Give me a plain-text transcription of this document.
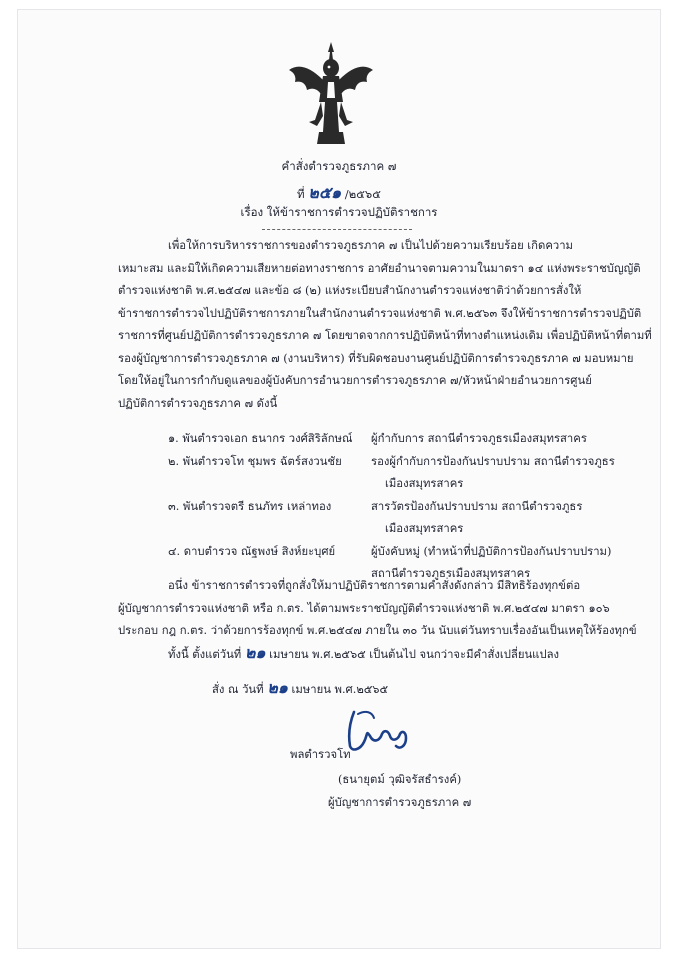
คำสั่งตำรวจภูธรภาค ๗
ที่ ๒๕๑ /๒๕๖๕
เรื่อง ให้ข้าราชการตำรวจปฏิบัติราชการ
เพื่อให้การบริหารราชการของตำรวจภูธรภาค ๗ เป็นไปด้วยความเรียบร้อย เกิดความ
เหมาะสม และมิให้เกิดความเสียหายต่อทางราชการ อาศัยอำนาจตามความในมาตรา ๑๔ แห่งพระราชบัญญัติ
ตำรวจแห่งชาติ พ.ศ.๒๕๔๗ และข้อ ๘ (๒) แห่งระเบียบสำนักงานตำรวจแห่งชาติว่าด้วยการสั่งให้
ข้าราชการตำรวจไปปฏิบัติราชการภายในสำนักงานตำรวจแห่งชาติ พ.ศ.๒๕๖๓ จึงให้ข้าราชการตำรวจปฏิบัติ
ราชการที่ศูนย์ปฏิบัติการตำรวจภูธรภาค ๗ โดยขาดจากการปฏิบัติหน้าที่ทางตำแหน่งเดิม เพื่อปฏิบัติหน้าที่ตามที่
รองผู้บัญชาการตำรวจภูธรภาค ๗ (งานบริหาร) ที่รับผิดชอบงานศูนย์ปฏิบัติการตำรวจภูธรภาค ๗ มอบหมาย
โดยให้อยู่ในการกำกับดูแลของผู้บังคับการอำนวยการตำรวจภูธรภาค ๗/หัวหน้าฝ่ายอำนวยการศูนย์
ปฏิบัติการตำรวจภูธรภาค ๗ ดังนี้
๑. พันตำรวจเอก ธนากร วงศ์สิริลักษณ์ ผู้กำกับการ สถานีตำรวจภูธรเมืองสมุทรสาคร
๒. พันตำรวจโท ชุมพร ฉัตร์สงวนชัย	รองผู้กำกับการป้องกันปราบปราม สถานีตำรวจภูธร
เมืองสมุทรสาคร
๓. พันตำรวจตรี ธนภัทร เหล่าทอง	สารวัตรป้องกันปราบปราม สถานีตำรวจภูธร
เมืองสมุทรสาคร
๔. ดาบตำรวจ ณัฐพงษ์ สิงห์ยะบุศย์	ผู้บังคับหมู่ (ทำหน้าที่ปฏิบัติการป้องกันปราบปราม)
สถานีตำรวจภูธรเมืองสมุทรสาคร
อนึ่ง ข้าราชการตำรวจที่ถูกสั่งให้มาปฏิบัติราชการตามคำสั่งดังกล่าว มีสิทธิร้องทุกข์ต่อ
ผู้บัญชาการตำรวจแห่งชาติ หรือ ก.ตร. ได้ตามพระราชบัญญัติตำรวจแห่งชาติ พ.ศ.๒๕๔๗ มาตรา ๑๐๖
ประกอบ กฎ ก.ตร. ว่าด้วยการร้องทุกข์ พ.ศ.๒๕๔๗ ภายใน ๓๐ วัน นับแต่วันทราบเรื่องอันเป็นเหตุให้ร้องทุกข์
ทั้งนี้ ตั้งแต่วันที่ ๒๑ เมษายน พ.ศ.๒๕๖๕ เป็นต้นไป จนกว่าจะมีคำสั่งเปลี่ยนแปลง
สั่ง ณ วันที่ ๒๑ เมษายน พ.ศ.๒๕๖๕
พลตำรวจโท
(ธนายุตม์ วุฒิจรัสธำรงค์)
ผู้บัญชาการตำรวจภูธรภาค ๗
